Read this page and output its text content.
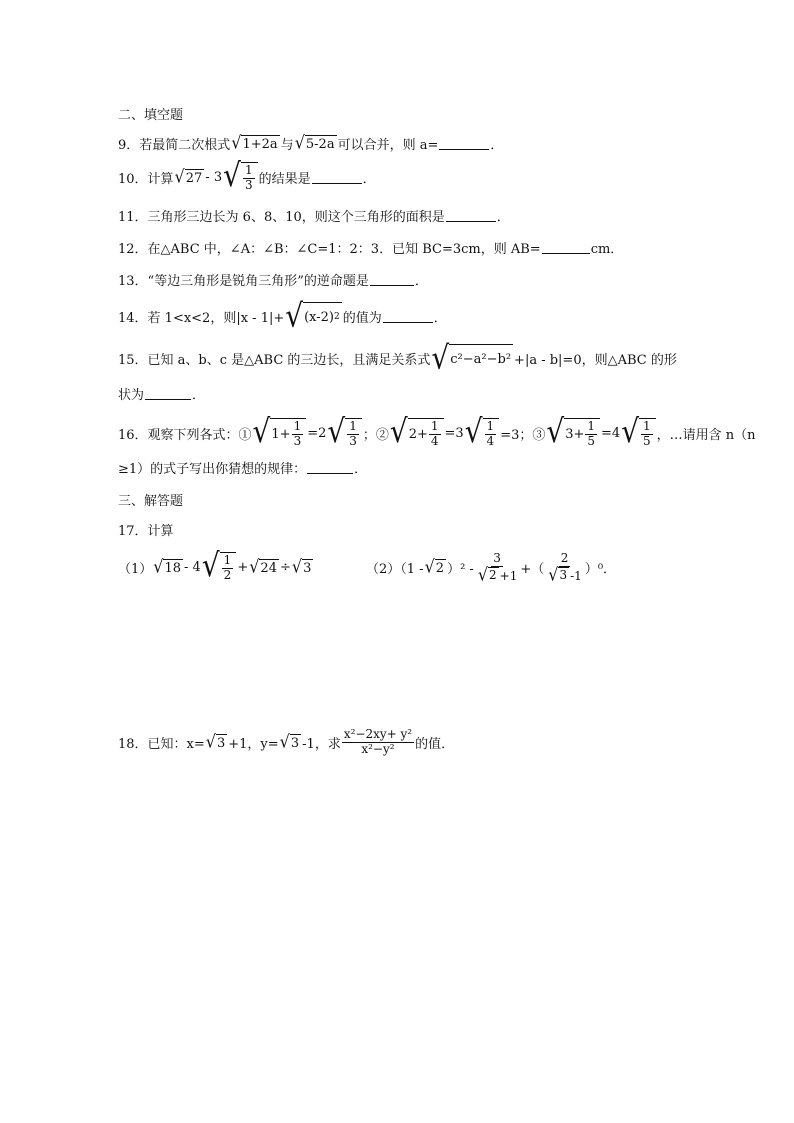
二、填空题
9．若最简二次根式 √ 1+2a 与 √ 5-2a 可以合并，则 a=	．
10．计算 √ 27 - 3 √ $\frac{1}{3}$ 的结果是	．
11．三角形三边长为 6、8、10，则这个三角形的面积是	．
12．在△ABC 中，∠A：∠B：∠C=1：2：3．已知 BC=3cm，则 AB=	cm．
13．“等边三角形是锐角三角形”的逆命题是	．
14．若 1<x<2，则|x - 1|+ √ (x-2) 2 的值为	．
15．已知 a、b、c 是△ABC 的三边长，且满足关系式 √ c²−a²−b² +|a - b|=0，则△ABC 的形
状为	．
16．观察下列各式：① √ $1+ \frac{1}{3} =2$ √ $\frac{1}{3}$ ；② √ $2+ \frac{1}{4} =3$ √ $\frac{1}{4} =3$；③ √ $3+ \frac{1}{5} =4$ √ $\frac{1}{5}$ ，…请用含 n（n
≥1）的式子写出你猜想的规律：	．
三、解答题
17．计算
（1） √ 18 - 4 √ $\frac{1}{2}$ + √ 24 ÷ √ 3	（2）（1 - √ 2 ）$^2 - \frac{3}{√ 2 +1}$ +（ $\frac{2}{√ 3 -1} )^0$．
18．已知：x= √ 3 +1，y= √ 3 -1，求 $\frac{\text{x²−2xy+ y²}}{\text{x²−y²}}$ 的值．
